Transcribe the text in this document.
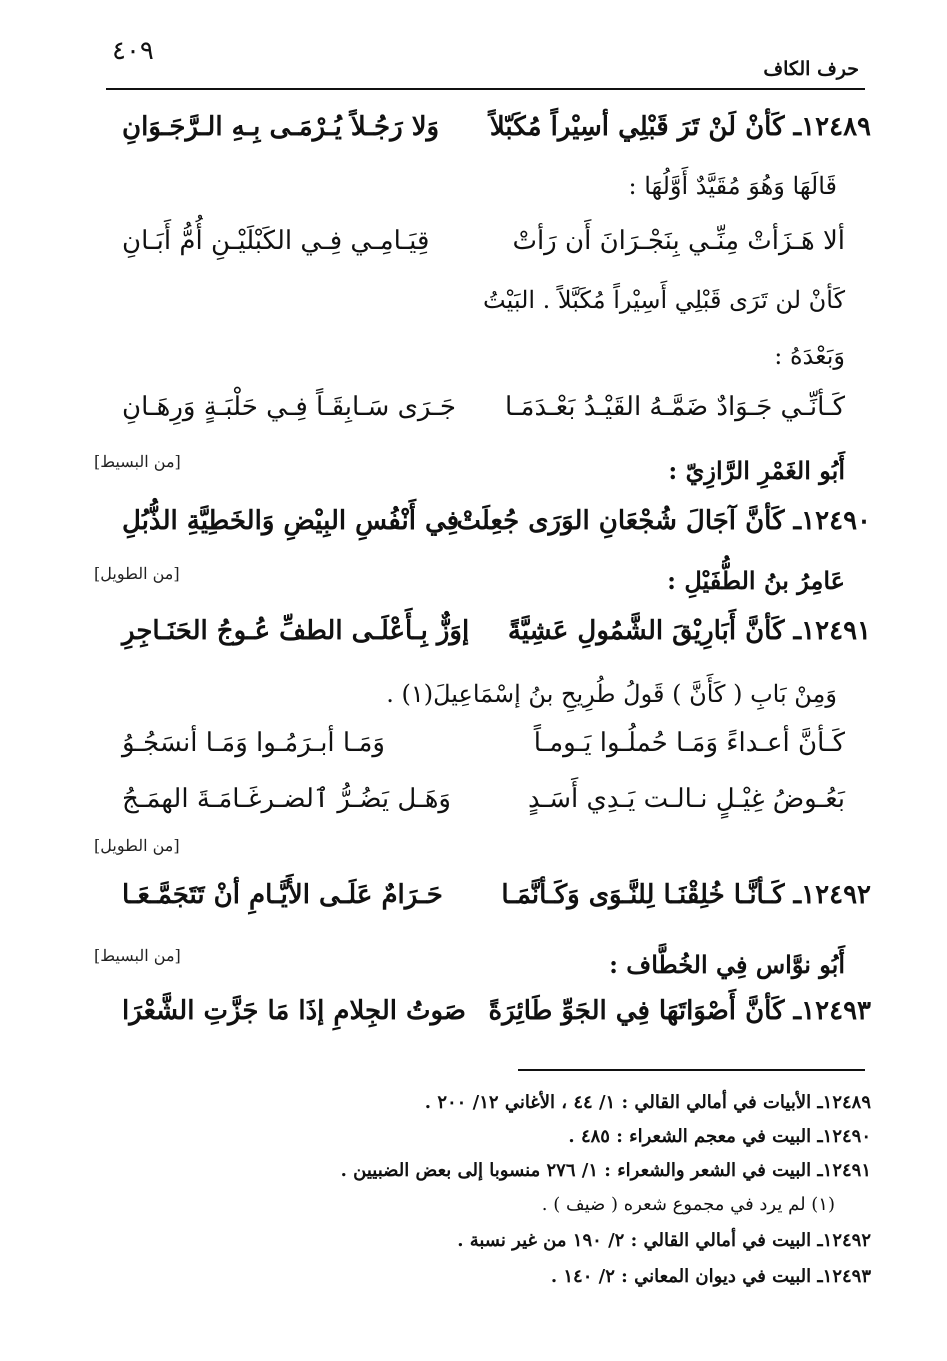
٤٠٩
حرف الكاف
١٢٤٨٩ـ كَأنْ لَنْ تَرَ قَبْلِي أسِيْراً مُكَبّلاً
وَلا رَجُـلاً يُـرْمَـى بِـهِ الـرَّجَـوَانِ
قَالَهَا وَهُوَ مُقَيَّدٌ أَوَّلُهَا :
ألا هَـزَأتْ مِنِّـي بِنَجْـرَانَ أَن رَأتْ
قِيَـامِـي فِـي الكَبْلَيْـنِ أُمُّ أَبَـانِ
كَأنْ لن تَرَى قَبْلِي أَسِيْراً مُكَبَّلاً . البَيْتُ
وَبَعْدَهُ :
كَـأنِّـي جَـوَادٌ ضَمَّـهُ القَيْـدُ بَعْـدَمَـا
جَـرَى سَـابِقَـاً فِـي حَلْبَـةٍ وَرِهَـانِ
أَبُو الغَمْرِ الرَّازِيّ :
[من البسيط]
١٢٤٩٠ـ كَأنَّ آجَالَ شُجْعَانِ الوَرَى جُعِلَتْ
فِي أَنْفُسِ البِيْضِ وَالخَطِيَّةِ الذُّبُلِ
عَامِرُ بنُ الطُّفَيْلِ :
[من الطويل]
١٢٤٩١ـ كَأنَّ أَبَارِيْقَ الشَّمُولِ عَشِيَّةً
إوَزٌّ بِـأَعْلَـى الطفِّ عُـوجُ الحَنَـاجِرِ
وَمِنْ بَابِ ( كَأَنَّ ) قَولُ طُرِيحِ بنُ إسْمَاعِيلَ(١) .
كَـأنَّ أعـداءً وَمَـا حُملُـوا يَـومـاً
وَمَـا أبـرَمُـوا وَمَـا أنسَجُـوُ
بَعُـوضُ غِيْـلٍ نـالـت يَـدِي أَسَـدٍ
وَهَـل يَضُـرُّ ٱلضـرغَـامَـةَ الهمَـجُ
[من الطويل]
١٢٤٩٢ـ كَـأنَّـا خُلِقْنَـا لِلنَّـوَى وَكَـأنَّمَـا
حَـرَامٌ عَلَـى الأَيَّـامِ أنْ تَتَجَمَّـعَـا
أَبُو نوَّاس فِي الخُطَّاف :
[من البسيط]
١٢٤٩٣ـ كَأنَّ أَصْوَاتَهَا فِي الجَوِّ طَائِرَةً
صَوتُ الجِلامِ إذَا مَا جَزَّتِ الشَّعْرَا
١٢٤٨٩ـ الأبيات في أمالي القالي : ١/ ٤٤ ، الأغاني ١٢/ ٢٠٠ .
١٢٤٩٠ـ البيت في معجم الشعراء : ٤٨٥ .
١٢٤٩١ـ البيت في الشعر والشعراء : ١/ ٢٧٦ منسوبا إلى بعض الضبيين .
(١) لم يرد في مجموع شعره ( ضيف ) .
١٢٤٩٢ـ البيت في أمالي القالي : ٢/ ١٩٠ من غير نسبة .
١٢٤٩٣ـ البيت في ديوان المعاني : ٢/ ١٤٠ .
